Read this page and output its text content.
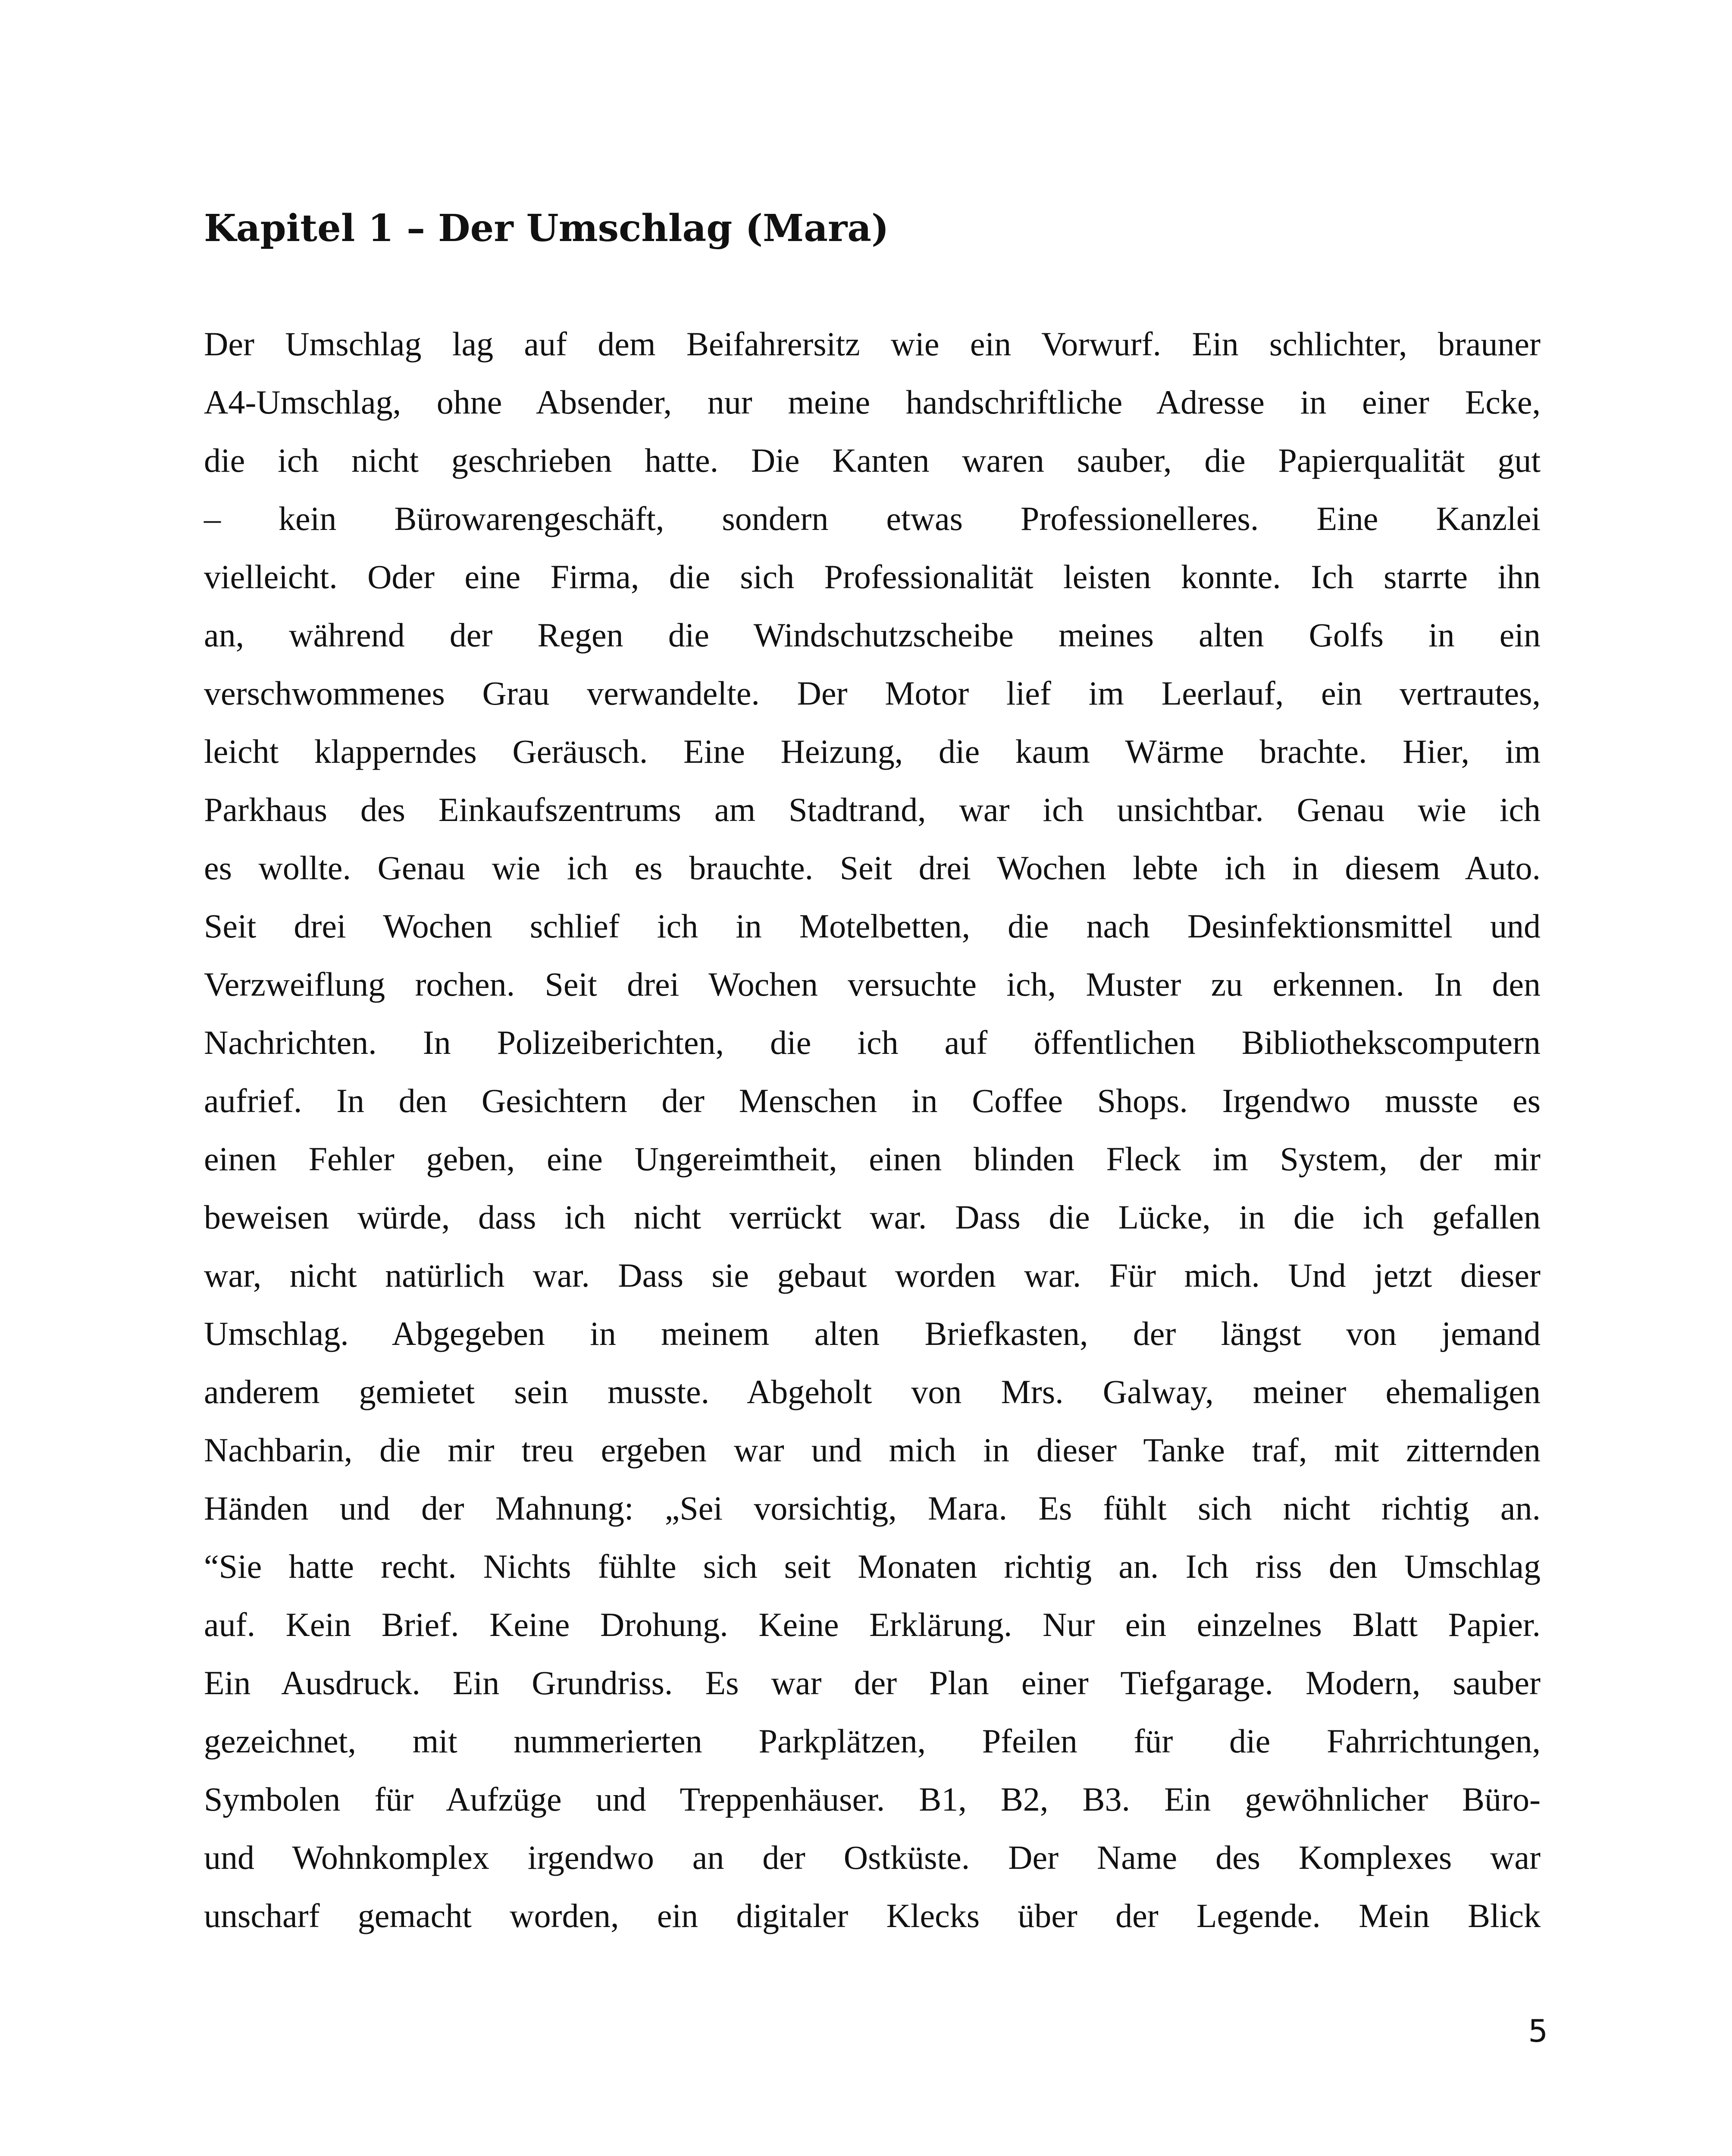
Kapitel 1 – Der Umschlag (Mara)
Der Umschlag lag auf dem Beifahrersitz wie ein Vorwurf. Ein schlichter, brauner
A4-Umschlag, ohne Absender, nur meine handschriftliche Adresse in einer Ecke,
die ich nicht geschrieben hatte. Die Kanten waren sauber, die Papierqualität gut
– kein Bürowarengeschäft, sondern etwas Professionelleres. Eine Kanzlei
vielleicht. Oder eine Firma, die sich Professionalität leisten konnte. Ich starrte ihn
an, während der Regen die Windschutzscheibe meines alten Golfs in ein
verschwommenes Grau verwandelte. Der Motor lief im Leerlauf, ein vertrautes,
leicht klapperndes Geräusch. Eine Heizung, die kaum Wärme brachte. Hier, im
Parkhaus des Einkaufszentrums am Stadtrand, war ich unsichtbar. Genau wie ich
es wollte. Genau wie ich es brauchte. Seit drei Wochen lebte ich in diesem Auto.
Seit drei Wochen schlief ich in Motelbetten, die nach Desinfektionsmittel und
Verzweiflung rochen. Seit drei Wochen versuchte ich, Muster zu erkennen. In den
Nachrichten. In Polizeiberichten, die ich auf öffentlichen Bibliothekscomputern
aufrief. In den Gesichtern der Menschen in Coffee Shops. Irgendwo musste es
einen Fehler geben, eine Ungereimtheit, einen blinden Fleck im System, der mir
beweisen würde, dass ich nicht verrückt war. Dass die Lücke, in die ich gefallen
war, nicht natürlich war. Dass sie gebaut worden war. Für mich. Und jetzt dieser
Umschlag. Abgegeben in meinem alten Briefkasten, der längst von jemand
anderem gemietet sein musste. Abgeholt von Mrs. Galway, meiner ehemaligen
Nachbarin, die mir treu ergeben war und mich in dieser Tanke traf, mit zitternden
Händen und der Mahnung: „Sei vorsichtig, Mara. Es fühlt sich nicht richtig an.
“Sie hatte recht. Nichts fühlte sich seit Monaten richtig an. Ich riss den Umschlag
auf. Kein Brief. Keine Drohung. Keine Erklärung. Nur ein einzelnes Blatt Papier.
Ein Ausdruck. Ein Grundriss. Es war der Plan einer Tiefgarage. Modern, sauber
gezeichnet, mit nummerierten Parkplätzen, Pfeilen für die Fahrrichtungen,
Symbolen für Aufzüge und Treppenhäuser. B1, B2, B3. Ein gewöhnlicher Büro-
und Wohnkomplex irgendwo an der Ostküste. Der Name des Komplexes war
unscharf gemacht worden, ein digitaler Klecks über der Legende. Mein Blick
5
